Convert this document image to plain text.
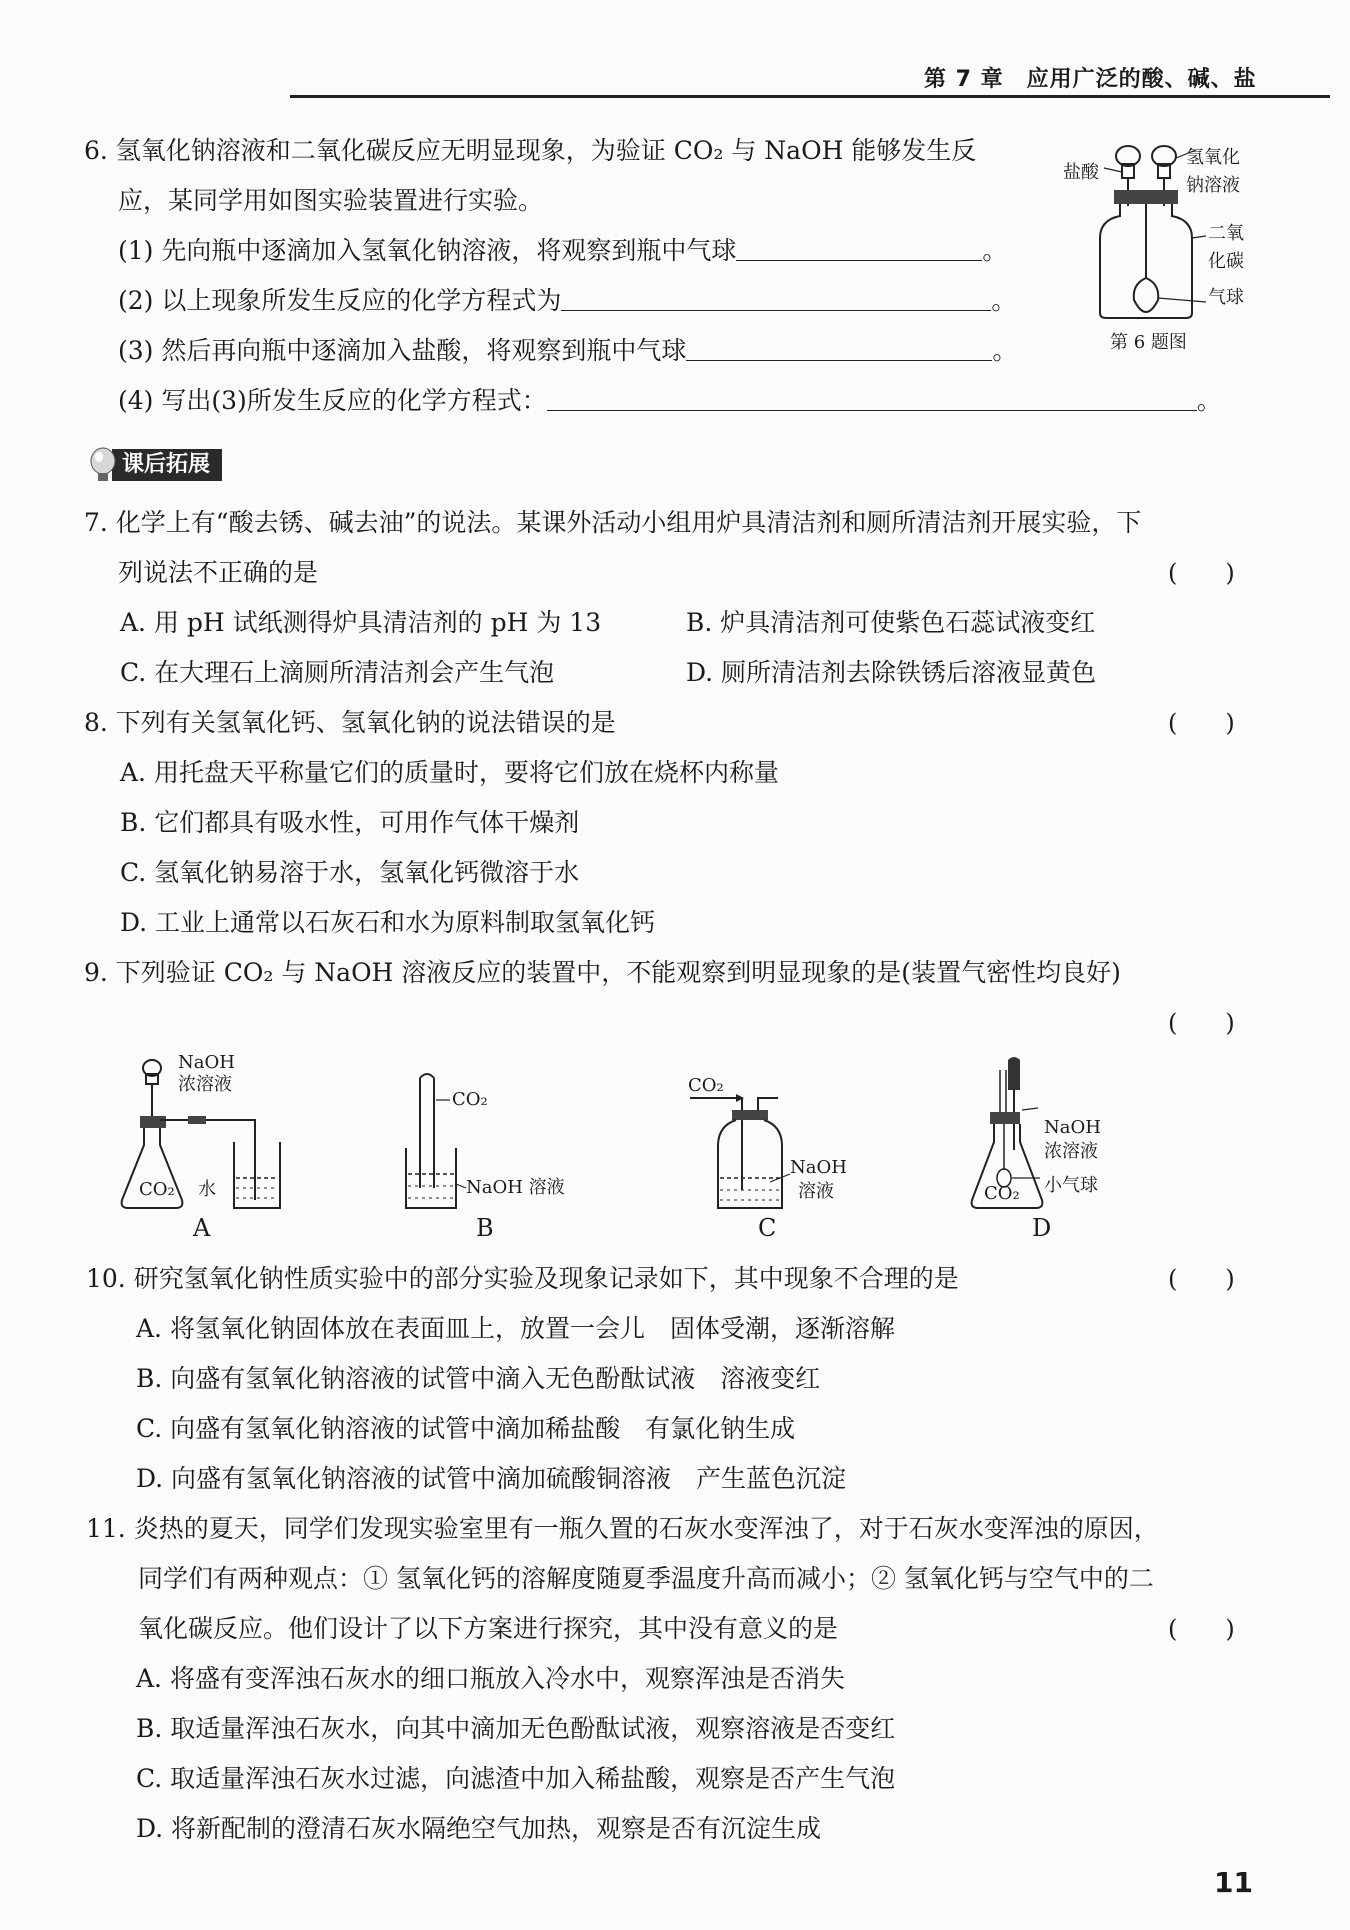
第 7 章　应用广泛的酸、碱、盐
6. 氢氧化钠溶液和二氧化碳反应无明显现象，为验证 CO₂ 与 NaOH 能够发生反
应，某同学用如图实验装置进行实验。
(1) 先向瓶中逐滴加入氢氧化钠溶液，将观察到瓶中气球	。
(2) 以上现象所发生反应的化学方程式为	。
(3) 然后再向瓶中逐滴加入盐酸，将观察到瓶中气球	。
(4) 写出(3)所发生反应的化学方程式：	。
盐酸
氢氧化
钠溶液
二氧
化碳
气球
第 6 题图
课后拓展
7. 化学上有“酸去锈、碱去油”的说法。某课外活动小组用炉具清洁剂和厕所清洁剂开展实验，下
列说法不正确的是	(　　)
A. 用 pH 试纸测得炉具清洁剂的 pH 为 13	B. 炉具清洁剂可使紫色石蕊试液变红
C. 在大理石上滴厕所清洁剂会产生气泡	D. 厕所清洁剂去除铁锈后溶液显黄色
8. 下列有关氢氧化钙、氢氧化钠的说法错误的是	(　　)
A. 用托盘天平称量它们的质量时，要将它们放在烧杯内称量
B. 它们都具有吸水性，可用作气体干燥剂
C. 氢氧化钠易溶于水，氢氧化钙微溶于水
D. 工业上通常以石灰石和水为原料制取氢氧化钙
9. 下列验证 CO₂ 与 NaOH 溶液反应的装置中，不能观察到明显现象的是(装置气密性均良好)
(　　)
NaOH
浓溶液
CO₂ 水
A
CO₂
NaOH 溶液
B
CO₂
NaOH
溶液
C
NaOH
浓溶液
CO₂ 小气球
D
10. 研究氢氧化钠性质实验中的部分实验及现象记录如下，其中现象不合理的是	(　　)
A. 将氢氧化钠固体放在表面皿上，放置一会儿　固体受潮，逐渐溶解
B. 向盛有氢氧化钠溶液的试管中滴入无色酚酞试液　溶液变红
C. 向盛有氢氧化钠溶液的试管中滴加稀盐酸　有氯化钠生成
D. 向盛有氢氧化钠溶液的试管中滴加硫酸铜溶液　产生蓝色沉淀
11. 炎热的夏天，同学们发现实验室里有一瓶久置的石灰水变浑浊了，对于石灰水变浑浊的原因，
同学们有两种观点：① 氢氧化钙的溶解度随夏季温度升高而减小；② 氢氧化钙与空气中的二
氧化碳反应。他们设计了以下方案进行探究，其中没有意义的是	(　　)
A. 将盛有变浑浊石灰水的细口瓶放入冷水中，观察浑浊是否消失
B. 取适量浑浊石灰水，向其中滴加无色酚酞试液，观察溶液是否变红
C. 取适量浑浊石灰水过滤，向滤渣中加入稀盐酸，观察是否产生气泡
D. 将新配制的澄清石灰水隔绝空气加热，观察是否有沉淀生成
11
